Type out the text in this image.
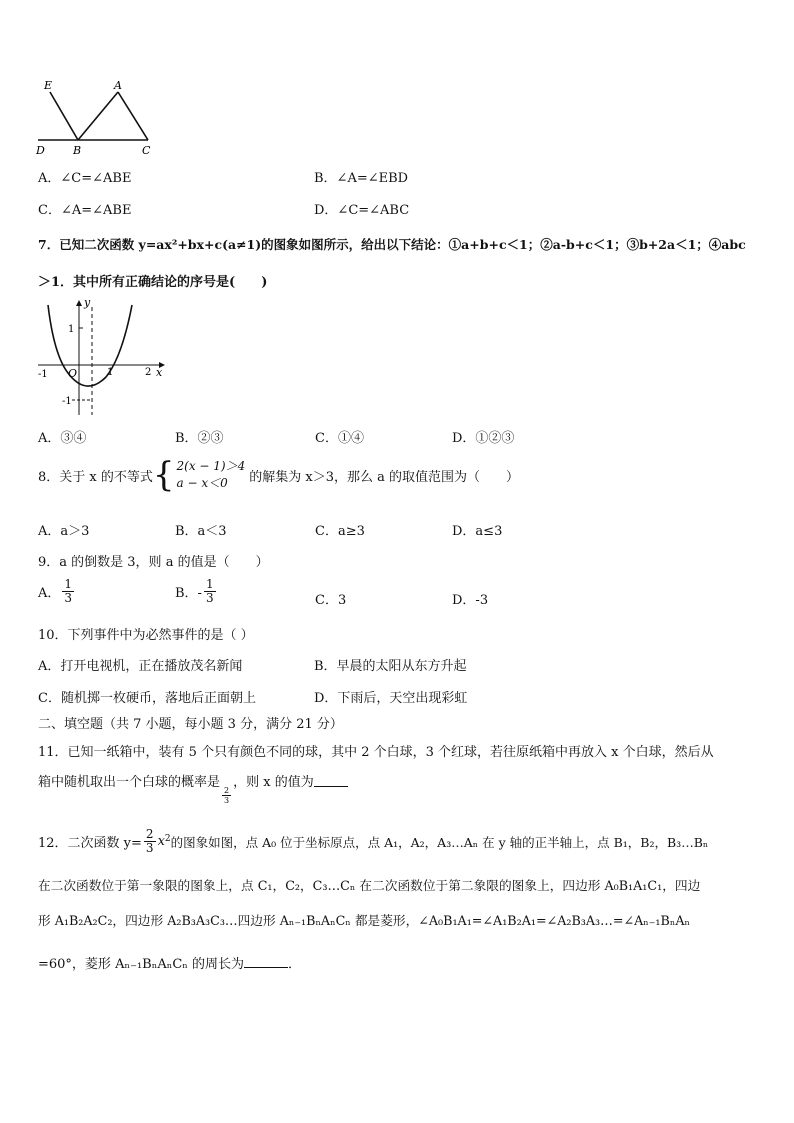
E	A
D	B	C
A．∠C=∠ABE	B．∠A=∠EBD
C．∠A=∠ABE	D．∠C=∠ABC
7．已知二次函数 y=ax²+bx+c(a≠1)的图象如图所示，给出以下结论：①a+b+c＜1；②a-b+c＜1；③b+2a＜1；④abc
＞1．其中所有正确结论的序号是(　　)
y
x
O
-1	1	2
1
-1
A．③④	B．②③	C．①④	D．①②③
8．关于 x 的不等式 { 2(x − 1)＞4
a − x＜0	的解集为 x＞3，那么 a 的取值范围为（　　）
A．a＞3	B．a＜3	C．a≥3	D．a≤3
9．a 的倒数是 3，则 a 的值是（　　）
A． $\frac{1}{3}$	B．- $\frac{1}{3}$	C．3	D．-3
10．下列事件中为必然事件的是（ ）
A．打开电视机，正在播放茂名新闻	B．早晨的太阳从东方升起
C．随机掷一枚硬币，落地后正面朝上	D．下雨后，天空出现彩虹
二、填空题（共 7 小题，每小题 3 分，满分 21 分）
11．已知一纸箱中，装有 5 个只有颜色不同的球，其中 2 个白球，3 个红球，若往原纸箱中再放入 x 个白球，然后从
箱中随机取出一个白球的概率是
$\frac{2}{3}$
，则 x 的值为
12．二次函数 $y= \frac{2}{3}$ x 2 的图象如图，点 A₀ 位于坐标原点，点 A₁，A₂，A₃…Aₙ 在 y 轴的正半轴上，点 B₁，B₂，B₃…Bₙ
在二次函数位于第一象限的图象上，点 C₁，C₂，C₃…Cₙ 在二次函数位于第二象限的图象上，四边形 A₀B₁A₁C₁，四边
形 A₁B₂A₂C₂，四边形 A₂B₃A₃C₃…四边形 Aₙ₋₁BₙAₙCₙ 都是菱形，∠A₀B₁A₁=∠A₁B₂A₁=∠A₂B₃A₃…=∠Aₙ₋₁BₙAₙ
=60°，菱形 Aₙ₋₁BₙAₙCₙ 的周长为	．
